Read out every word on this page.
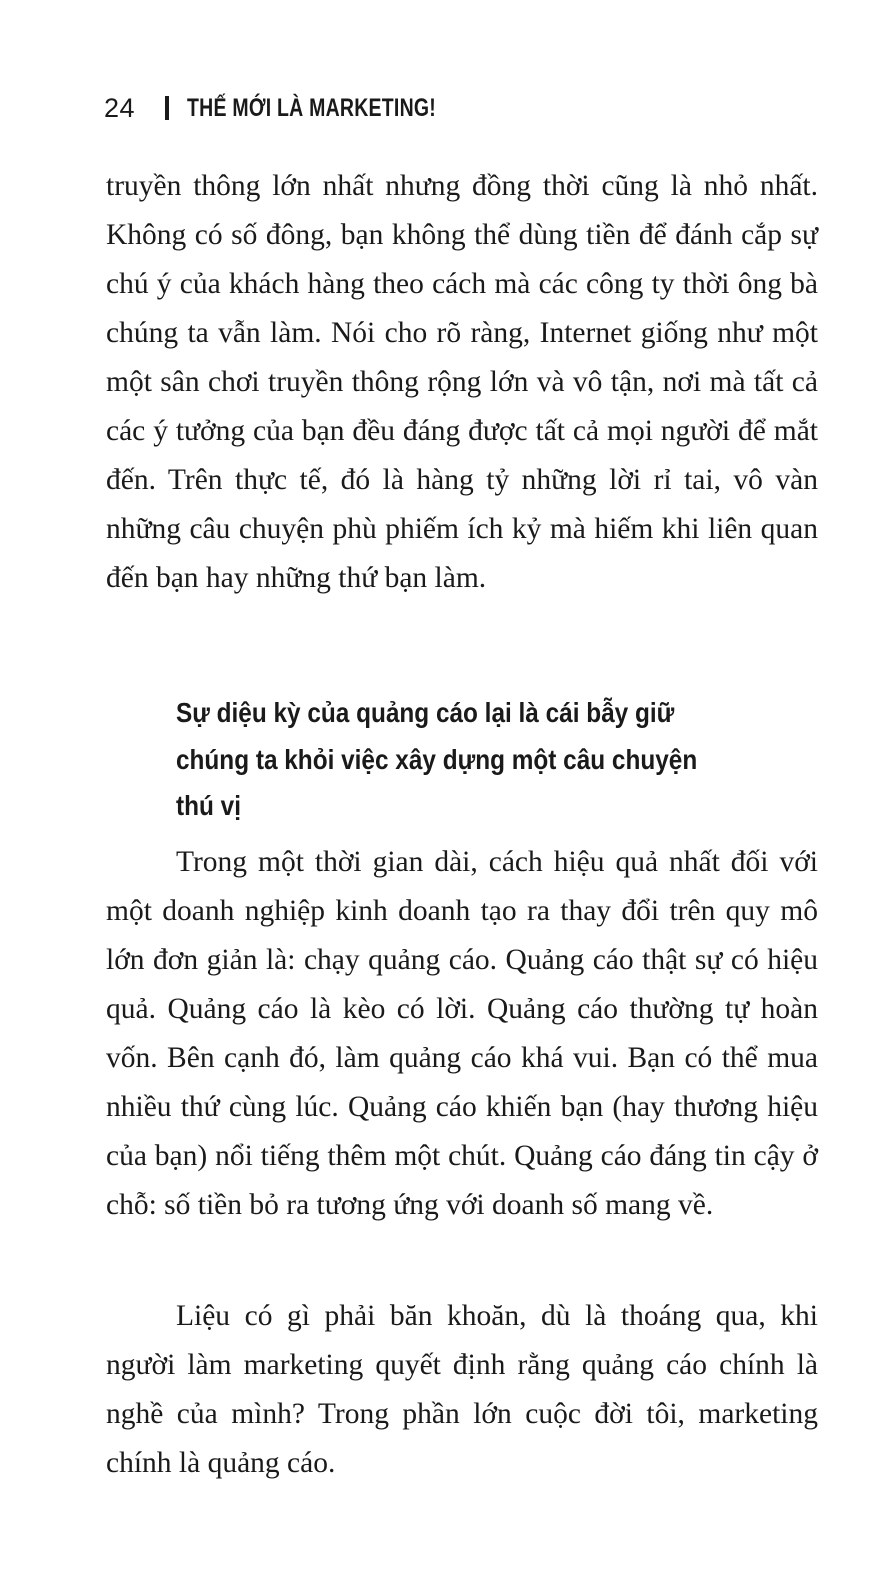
24 THẾ MỚI LÀ MARKETING!

truyền thông lớn nhất nhưng đồng thời cũng là nhỏ nhất. Không có số đông, bạn không thể dùng tiền để đánh cắp sự chú ý của khách hàng theo cách mà các công ty thời ông bà chúng ta vẫn làm. Nói cho rõ ràng, Internet giống như một một sân chơi truyền thông rộng lớn và vô tận, nơi mà tất cả các ý tưởng của bạn đều đáng được tất cả mọi người để mắt đến. Trên thực tế, đó là hàng tỷ những lời rỉ tai, vô vàn những câu chuyện phù phiếm ích kỷ mà hiếm khi liên quan đến bạn hay những thứ bạn làm.

Sự diệu kỳ của quảng cáo lại là cái bẫy giữ chúng ta khỏi việc xây dựng một câu chuyện thú vị

Trong một thời gian dài, cách hiệu quả nhất đối với một doanh nghiệp kinh doanh tạo ra thay đổi trên quy mô lớn đơn giản là: chạy quảng cáo. Quảng cáo thật sự có hiệu quả. Quảng cáo là kèo có lời. Quảng cáo thường tự hoàn vốn. Bên cạnh đó, làm quảng cáo khá vui. Bạn có thể mua nhiều thứ cùng lúc. Quảng cáo khiến bạn (hay thương hiệu của bạn) nổi tiếng thêm một chút. Quảng cáo đáng tin cậy ở chỗ: số tiền bỏ ra tương ứng với doanh số mang về.

Liệu có gì phải băn khoăn, dù là thoáng qua, khi người làm marketing quyết định rằng quảng cáo chính là nghề của mình? Trong phần lớn cuộc đời tôi, marketing chính là quảng cáo.
